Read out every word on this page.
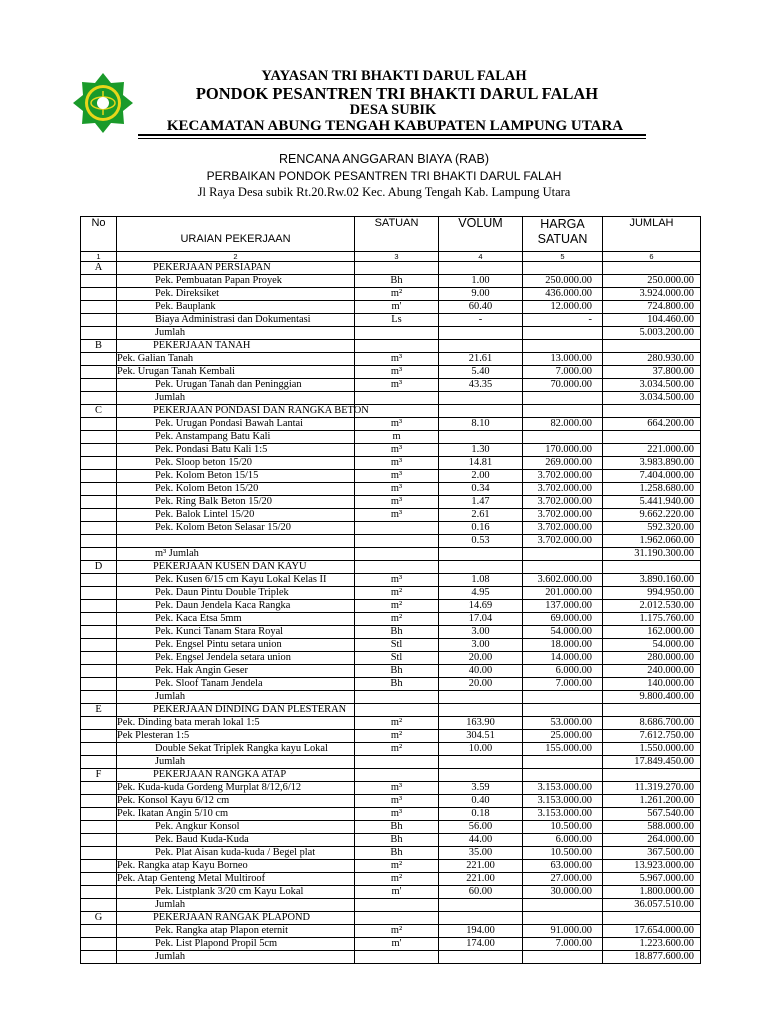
YAYASAN TRI BHAKTI DARUL FALAH
PONDOK PESANTREN TRI BHAKTI DARUL FALAH
DESA SUBIK
KECAMATAN ABUNG TENGAH KABUPATEN LAMPUNG UTARA
RENCANA ANGGARAN BIAYA (RAB)
PERBAIKAN PONDOK PESANTREN TRI BHAKTI DARUL FALAH
Jl Raya Desa subik Rt.20.Rw.02 Kec. Abung Tengah Kab. Lampung Utara
No	URAIAN PEKERJAAN	SATUAN	VOLUM	HARGA SATUAN	JUMLAH
1	2	3	4	5	6
A	PEKERJAAN PERSIAPAN				
	Pek. Pembuatan Papan Proyek	Bh	1.00	250.000.00	250.000.00
	Pek. Direksiket	m²	9.00	436.000.00	3.924.000.00
	Pek. Bauplank	m'	60.40	12.000.00	724.800.00
	Biaya Administrasi dan Dokumentasi	Ls	-	-	104.460.00
	Jumlah				5.003.200.00
B	PEKERJAAN TANAH				
	Pek. Galian Tanah	m³	21.61	13.000.00	280.930.00
	Pek. Urugan Tanah Kembali	m³	5.40	7.000.00	37.800.00
	Pek. Urugan Tanah dan Peninggian	m³	43.35	70.000.00	3.034.500.00
	Jumlah				3.034.500.00
C	PEKERJAAN PONDASI DAN RANGKA BETON				
	Pek. Urugan Pondasi Bawah Lantai	m³	8.10	82.000.00	664.200.00
	Pek. Anstampang Batu Kali	m			
	Pek. Pondasi Batu Kali 1:5	m³	1.30	170.000.00	221.000.00
	Pek. Sloop beton 15/20	m³	14.81	269.000.00	3.983.890.00
	Pek. Kolom Beton 15/15	m³	2.00	3.702.000.00	7.404.000.00
	Pek. Kolom Beton 15/20	m³	0.34	3.702.000.00	1.258.680.00
	Pek. Ring Balk Beton 15/20	m³	1.47	3.702.000.00	5.441.940.00
	Pek. Balok Lintel 15/20	m³	2.61	3.702.000.00	9.662.220.00
	Pek. Kolom Beton Selasar 15/20		0.16	3.702.000.00	592.320.00
			0.53	3.702.000.00	1.962.060.00
	m³ Jumlah				31.190.300.00
D	PEKERJAAN KUSEN DAN KAYU				
	Pek. Kusen 6/15 cm Kayu Lokal Kelas II	m³	1.08	3.602.000.00	3.890.160.00
	Pek. Daun Pintu Double Triplek	m²	4.95	201.000.00	994.950.00
	Pek. Daun Jendela Kaca Rangka	m²	14.69	137.000.00	2.012.530.00
	Pek. Kaca Etsa 5mm	m²	17.04	69.000.00	1.175.760.00
	Pek. Kunci Tanam Stara Royal	Bh	3.00	54.000.00	162.000.00
	Pek. Engsel Pintu setara union	Stl	3.00	18.000.00	54.000.00
	Pek. Engsel Jendela setara union	Stl	20.00	14.000.00	280.000.00
	Pek. Hak Angin Geser	Bh	40.00	6.000.00	240.000.00
	Pek. Sloof Tanam Jendela	Bh	20.00	7.000.00	140.000.00
	Jumlah				9.800.400.00
E	PEKERJAAN DINDING DAN PLESTERAN				
	Pek. Dinding bata merah lokal 1:5	m²	163.90	53.000.00	8.686.700.00
	Pek Plesteran 1:5	m²	304.51	25.000.00	7.612.750.00
	Double Sekat Triplek Rangka kayu Lokal	m²	10.00	155.000.00	1.550.000.00
	Jumlah				17.849.450.00
F	PEKERJAAN RANGKA ATAP				
	Pek. Kuda-kuda Gordeng Murplat 8/12,6/12	m³	3.59	3.153.000.00	11.319.270.00
	Pek. Konsol Kayu 6/12 cm	m³	0.40	3.153.000.00	1.261.200.00
	Pek. Ikatan Angin 5/10 cm	m³	0.18	3.153.000.00	567.540.00
	Pek. Angkur Konsol	Bh	56.00	10.500.00	588.000.00
	Pek. Baud Kuda-Kuda	Bh	44.00	6.000.00	264.000.00
	Pek. Plat Aisan kuda-kuda / Begel plat	Bh	35.00	10.500.00	367.500.00
	Pek. Rangka atap Kayu Borneo	m²	221.00	63.000.00	13.923.000.00
	Pek. Atap Genteng Metal Multiroof	m²	221.00	27.000.00	5.967.000.00
	Pek. Listplank 3/20 cm Kayu Lokal	m'	60.00	30.000.00	1.800.000.00
	Jumlah				36.057.510.00
G	PEKERJAAN RANGAK PLAPOND				
	Pek. Rangka atap Plapon eternit	m²	194.00	91.000.00	17.654.000.00
	Pek. List Plapond Propil 5cm	m'	174.00	7.000.00	1.223.600.00
	Jumlah				18.877.600.00
